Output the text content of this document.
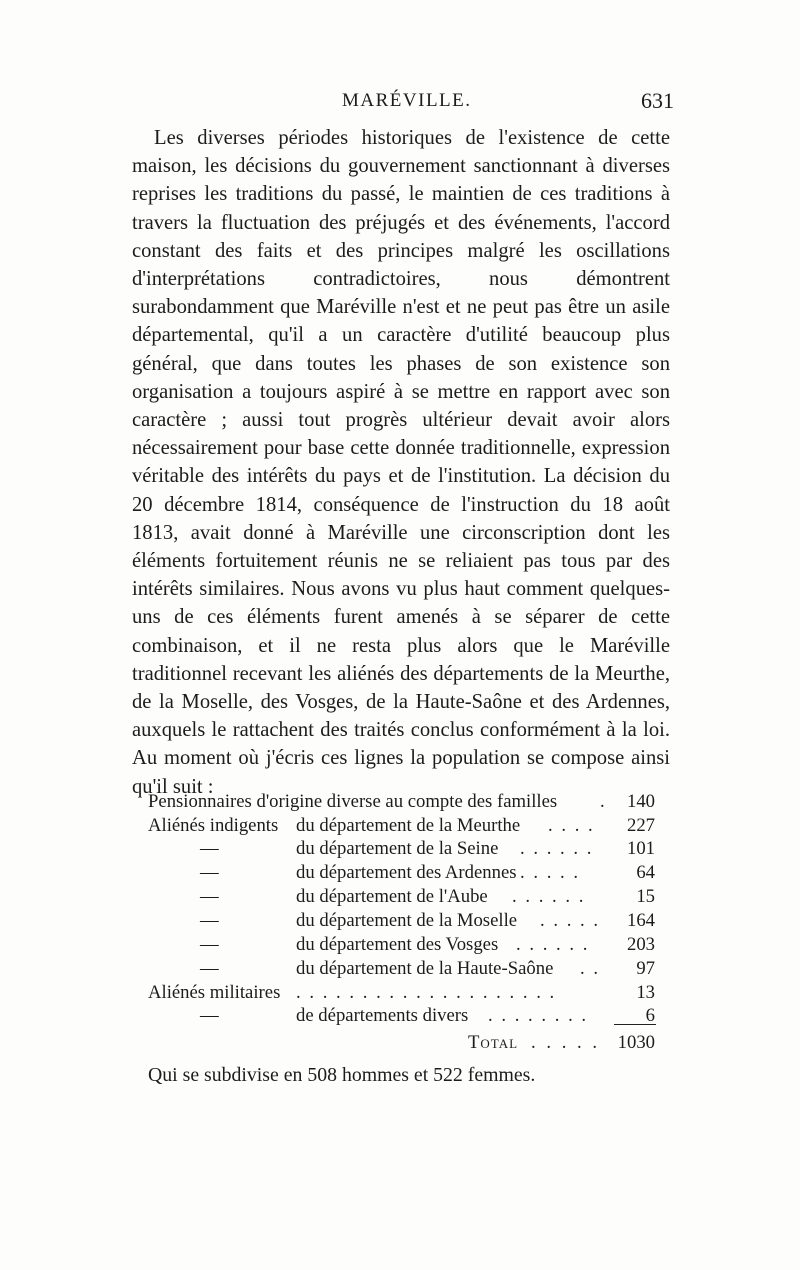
MARÉVILLE.	631

Les diverses périodes historiques de l'existence de cette maison, les décisions du gouvernement sanctionnant à diverses reprises les traditions du passé, le maintien de ces traditions à travers la fluctuation des préjugés et des événements, l'accord constant des faits et des principes malgré les oscillations d'interprétations contradictoires, nous démontrent surabondamment que Maréville n'est et ne peut pas être un asile départemental, qu'il a un caractère d'utilité beaucoup plus général, que dans toutes les phases de son existence son organisation a toujours aspiré à se mettre en rapport avec son caractère ; aussi tout progrès ultérieur devait avoir alors nécessairement pour base cette donnée traditionnelle, expression véritable des intérêts du pays et de l'institution. La décision du 20 décembre 1814, conséquence de l'instruction du 18 août 1813, avait donné à Maréville une circonscription dont les éléments fortuitement réunis ne se reliaient pas tous par des intérêts similaires. Nous avons vu plus haut comment quelques-uns de ces éléments furent amenés à se séparer de cette combinaison, et il ne resta plus alors que le Maréville traditionnel recevant les aliénés des départements de la Meurthe, de la Moselle, des Vosges, de la Haute-Saône et des Ardennes, auxquels le rattachent des traités conclus conformément à la loi. Au moment où j'écris ces lignes la population se compose ainsi qu'il suit :

Pensionnaires d'origine diverse au compte des familles . 140
Aliénés indigents du département de la Meurthe . . . . 227
—	du département de la Seine . . . . . . 101
—	du département des Ardennes . . . . .	64
—	du département de l'Aube . . . . . .	15
—	du département de la Moselle . . . . . 164
—	du département des Vosges . . . . . . 203
—	du département de la Haute-Saône . . 97
Aliénés militaires . . . . . . . . . . . . . . . . . . . .	13
—	de départements divers . . . . . . . .	6
Total . . . . . 1030
Qui se subdivise en 508 hommes et 522 femmes.
